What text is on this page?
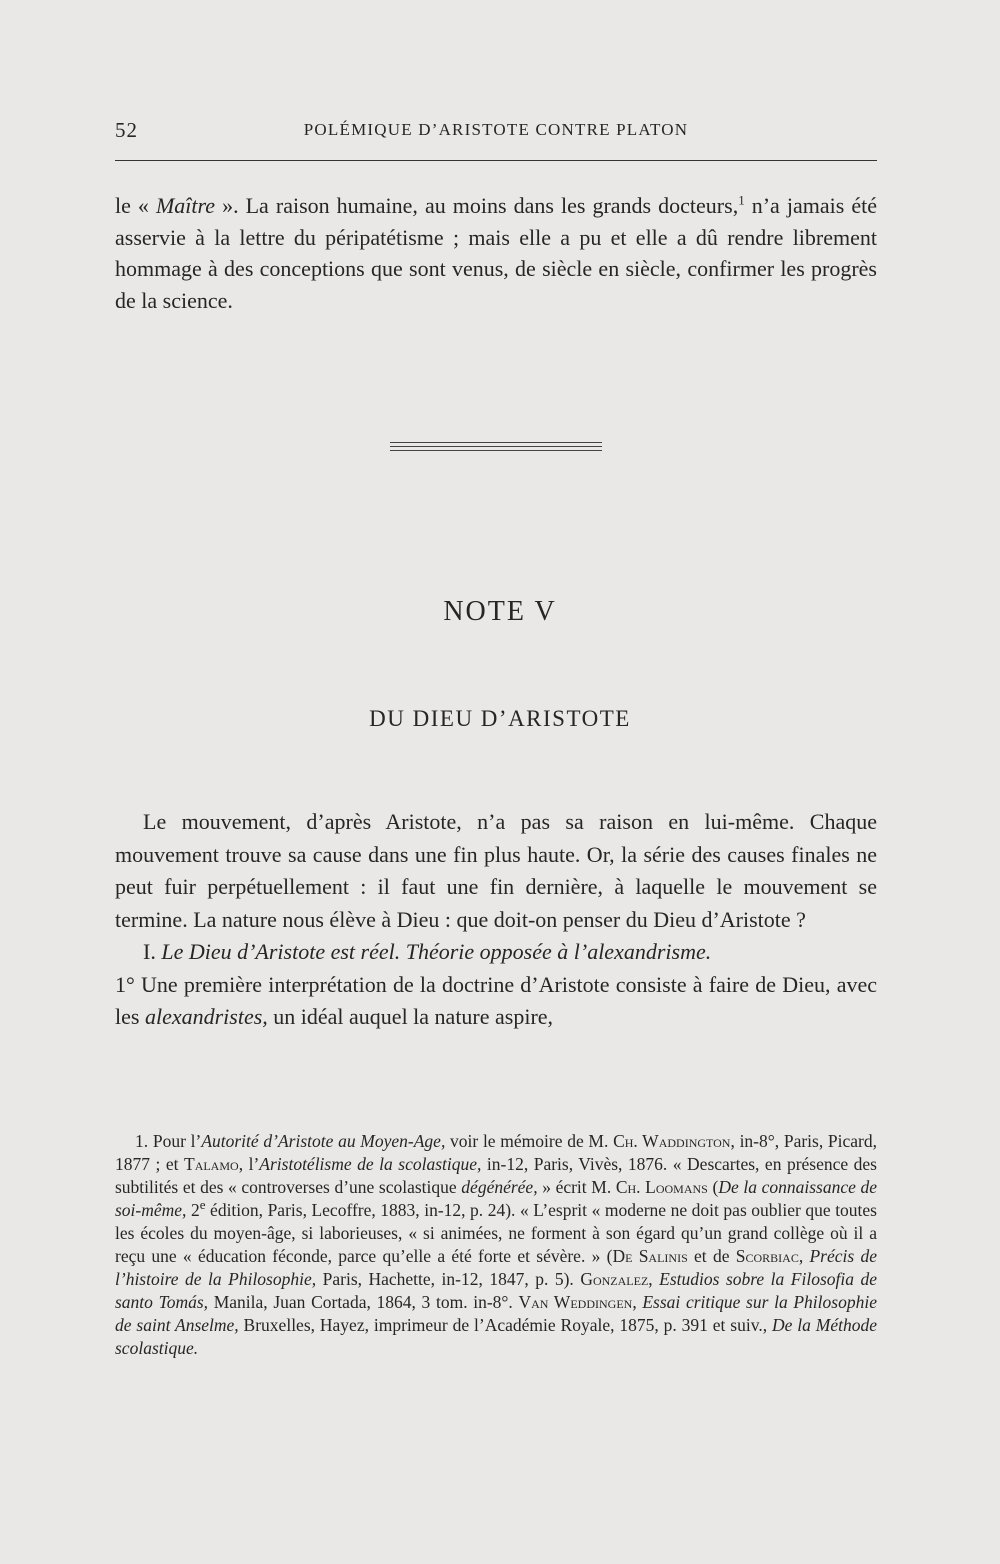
52	POLÉMIQUE D’ARISTOTE CONTRE PLATON

le « Maître ». La raison humaine, au moins dans les grands docteurs,$^1$ n’a jamais été asservie à la lettre du péripatétisme ; mais elle a pu et elle a dû rendre librement hommage à des conceptions que sont venus, de siècle en siècle, confirmer les progrès de la science.

NOTE V
DU DIEU D’ARISTOTE

Le mouvement, d’après Aristote, n’a pas sa raison en lui-même. Chaque mouvement trouve sa cause dans une fin plus haute. Or, la série des causes finales ne peut fuir perpétuellement : il faut une fin dernière, à laquelle le mouvement se termine. La nature nous élève à Dieu : que doit-on penser du Dieu d’Aristote ?

I. Le Dieu d’Aristote est réel. Théorie opposée à l’alexandrisme.

1° Une première interprétation de la doctrine d’Aristote consiste à faire de Dieu, avec les alexandristes, un idéal auquel la nature aspire,

1. Pour l’Autorité d’Aristote au Moyen-Age, voir le mémoire de M. Ch. Waddington, in-8°, Paris, Picard, 1877 ; et Talamo, l’Aristotélisme de la scolastique, in-12, Paris, Vivès, 1876. « Descartes, en présence des subtilités et des « controverses d’une scolastique dégénérée, » écrit M. Ch. Loomans (De la connaissance de soi-même, 2e édition, Paris, Lecoffre, 1883, in-12, p. 24). « L’esprit « moderne ne doit pas oublier que toutes les écoles du moyen-âge, si laborieuses, « si animées, ne forment à son égard qu’un grand collège où il a reçu une « éducation féconde, parce qu’elle a été forte et sévère. » (De Salinis et de Scorbiac, Précis de l’histoire de la Philosophie, Paris, Hachette, in-12, 1847, p. 5). Gonzalez, Estudios sobre la Filosofia de santo Tomás, Manila, Juan Cortada, 1864, 3 tom. in-8°. Van Weddingen, Essai critique sur la Philosophie de saint Anselme, Bruxelles, Hayez, imprimeur de l’Académie Royale, 1875, p. 391 et suiv., De la Méthode scolastique.
